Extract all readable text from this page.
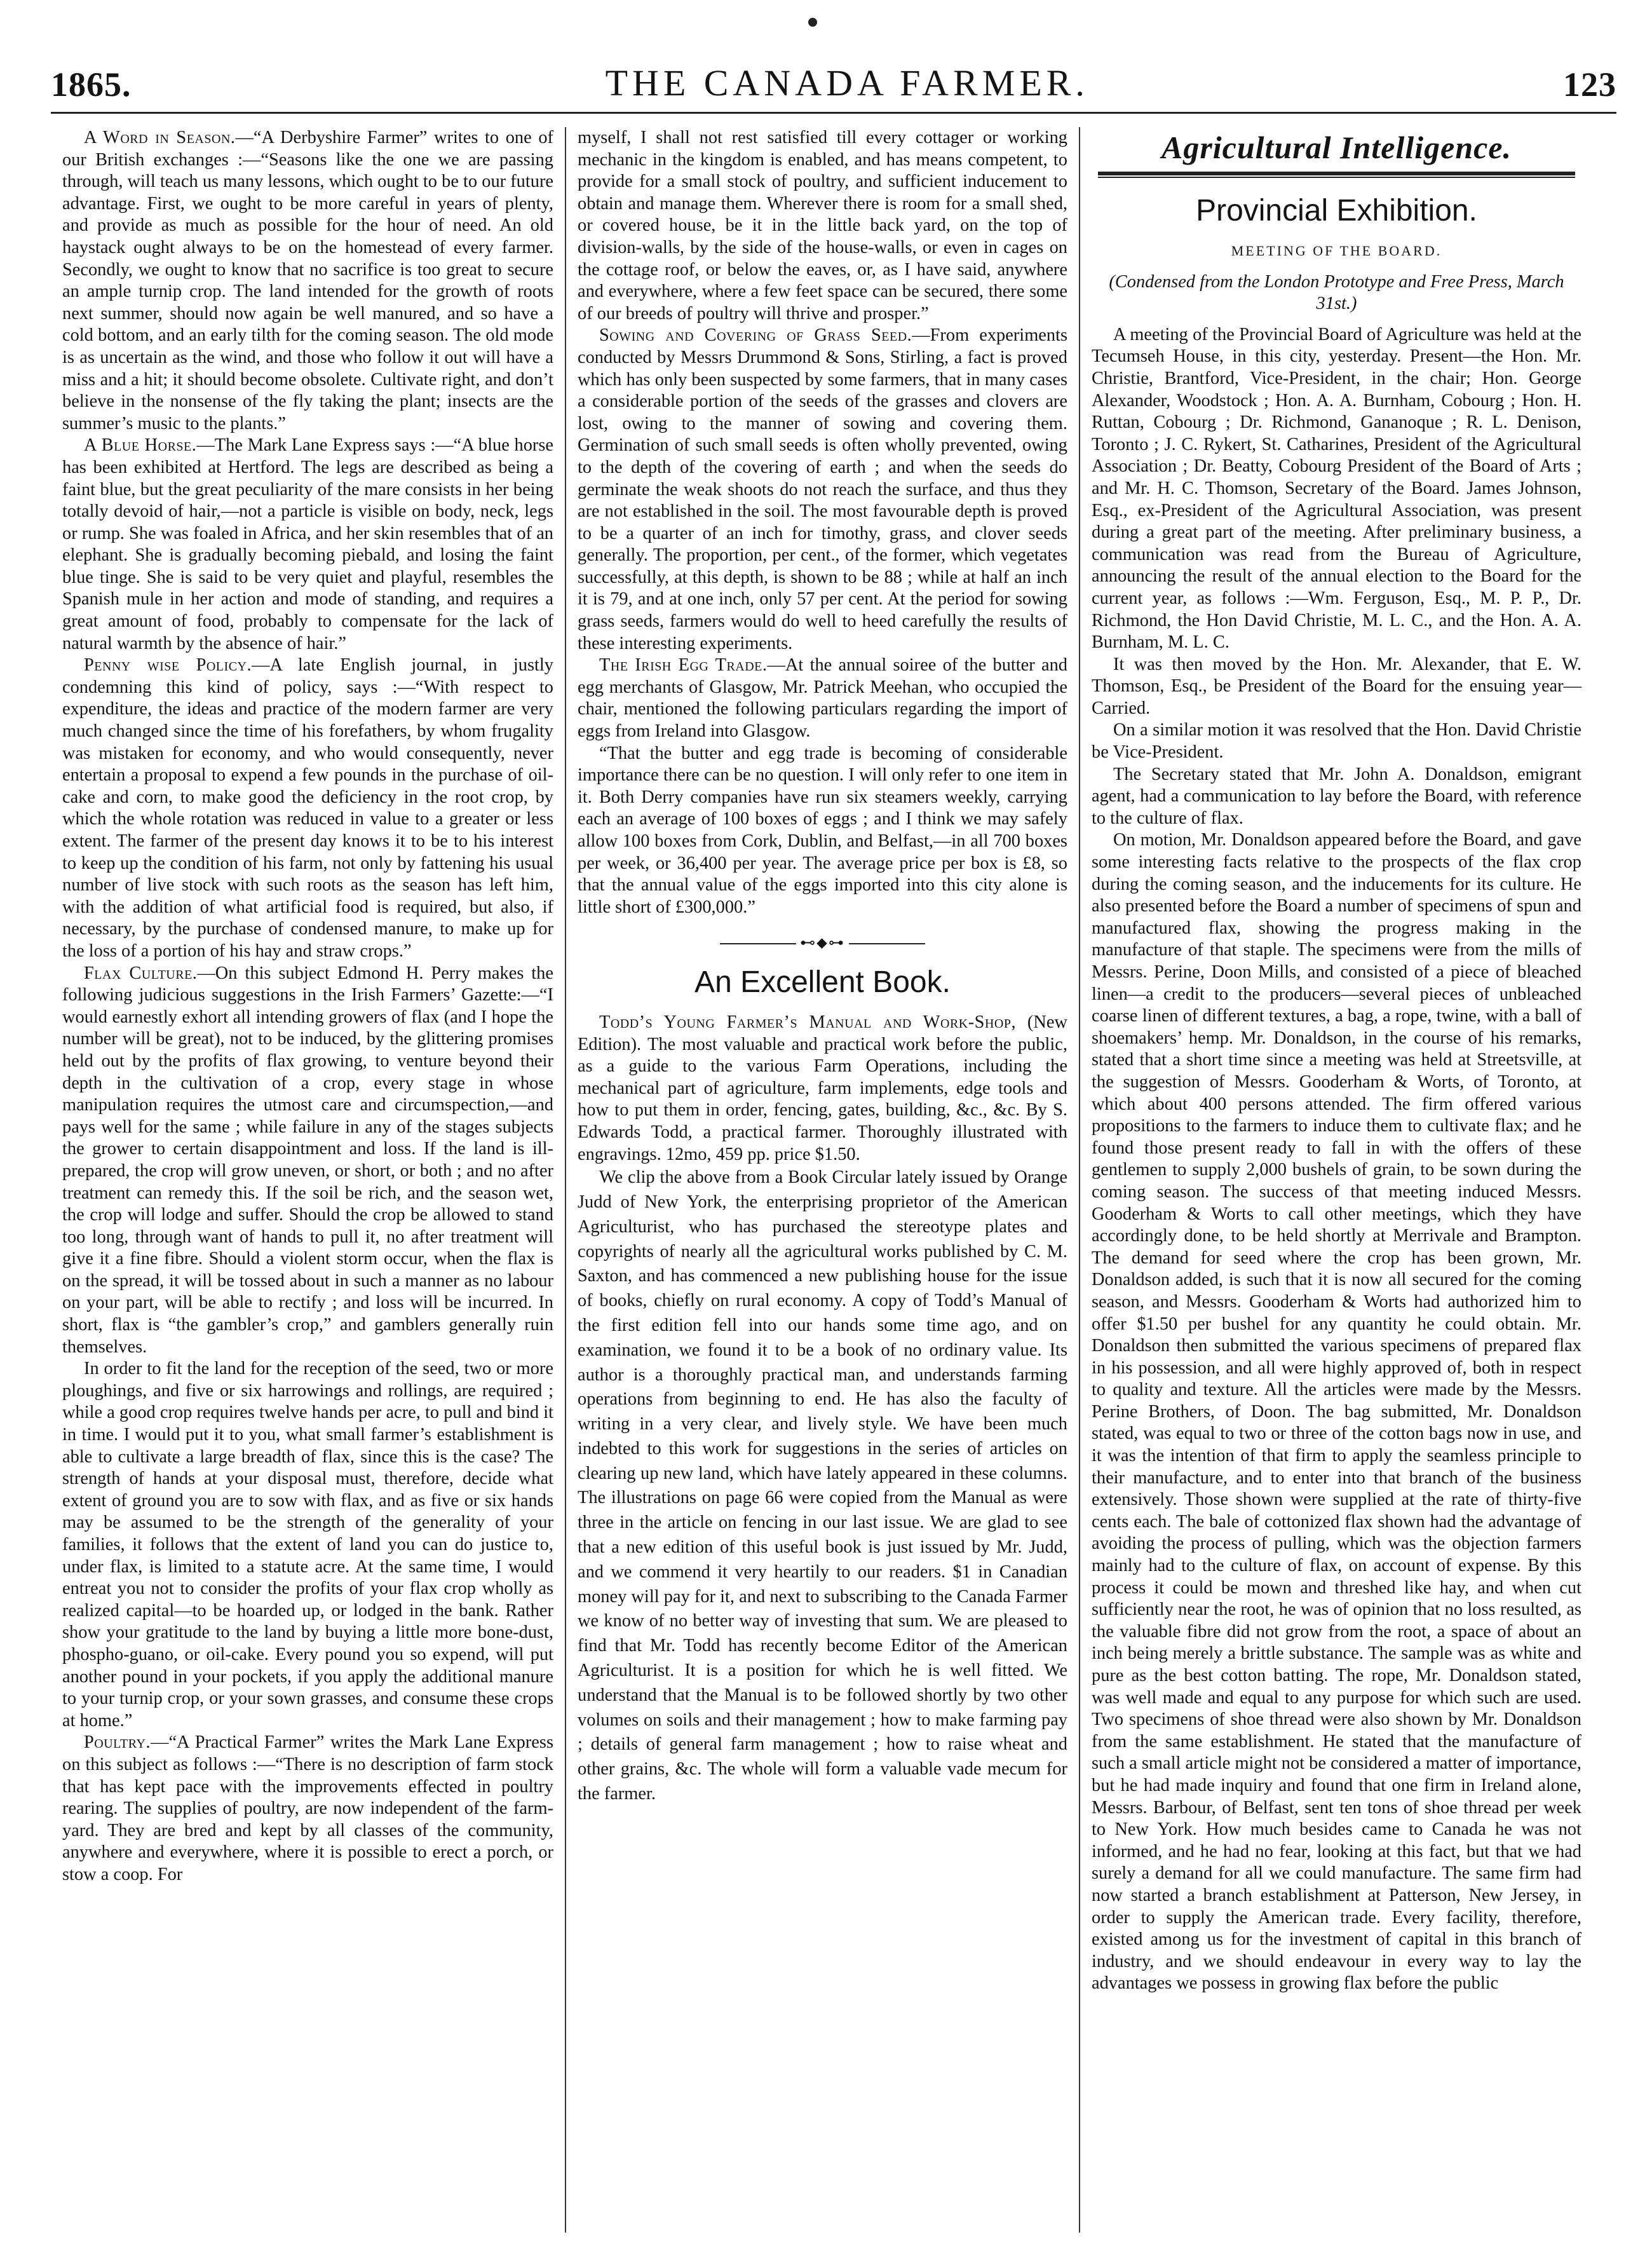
1865.	THE CANADA FARMER.	123

A Word in Season.—“A Derbyshire Farmer” writes to one of our British exchanges :—“Seasons like the one we are passing through, will teach us many lessons, which ought to be to our future advantage. First, we ought to be more careful in years of plenty, and provide as much as possible for the hour of need. An old haystack ought always to be on the homestead of every farmer. Secondly, we ought to know that no sacrifice is too great to secure an ample turnip crop. The land intended for the growth of roots next summer, should now again be well manured, and so have a cold bottom, and an early tilth for the coming season. The old mode is as uncertain as the wind, and those who follow it out will have a miss and a hit; it should become obsolete. Cultivate right, and don’t believe in the nonsense of the fly taking the plant; insects are the summer’s music to the plants.”

A Blue Horse.—The Mark Lane Express says :—“A blue horse has been exhibited at Hertford. The legs are described as being a faint blue, but the great peculiarity of the mare consists in her being totally devoid of hair,—not a particle is visible on body, neck, legs or rump. She was foaled in Africa, and her skin resembles that of an elephant. She is gradually becoming piebald, and losing the faint blue tinge. She is said to be very quiet and playful, resembles the Spanish mule in her action and mode of standing, and requires a great amount of food, probably to compensate for the lack of natural warmth by the absence of hair.”

Penny wise Policy.—A late English journal, in justly condemning this kind of policy, says :—“With respect to expenditure, the ideas and practice of the modern farmer are very much changed since the time of his forefathers, by whom frugality was mistaken for economy, and who would consequently, never entertain a proposal to expend a few pounds in the purchase of oil-cake and corn, to make good the deficiency in the root crop, by which the whole rotation was reduced in value to a greater or less extent. The farmer of the present day knows it to be to his interest to keep up the condition of his farm, not only by fattening his usual number of live stock with such roots as the season has left him, with the addition of what artificial food is required, but also, if necessary, by the purchase of condensed manure, to make up for the loss of a portion of his hay and straw crops.”

Flax Culture.—On this subject Edmond H. Perry makes the following judicious suggestions in the Irish Farmers’ Gazette:—“I would earnestly exhort all intending growers of flax (and I hope the number will be great), not to be induced, by the glittering promises held out by the profits of flax growing, to venture beyond their depth in the cultivation of a crop, every stage in whose manipulation requires the utmost care and circumspection,—and pays well for the same ; while failure in any of the stages subjects the grower to certain disappointment and loss. If the land is ill-prepared, the crop will grow uneven, or short, or both ; and no after treatment can remedy this. If the soil be rich, and the season wet, the crop will lodge and suffer. Should the crop be allowed to stand too long, through want of hands to pull it, no after treatment will give it a fine fibre. Should a violent storm occur, when the flax is on the spread, it will be tossed about in such a manner as no labour on your part, will be able to rectify ; and loss will be incurred. In short, flax is “the gambler’s crop,” and gamblers generally ruin themselves.

In order to fit the land for the reception of the seed, two or more ploughings, and five or six harrowings and rollings, are required ; while a good crop requires twelve hands per acre, to pull and bind it in time. I would put it to you, what small farmer’s establishment is able to cultivate a large breadth of flax, since this is the case? The strength of hands at your disposal must, therefore, decide what extent of ground you are to sow with flax, and as five or six hands may be assumed to be the strength of the generality of your families, it follows that the extent of land you can do justice to, under flax, is limited to a statute acre. At the same time, I would entreat you not to consider the profits of your flax crop wholly as realized capital—to be hoarded up, or lodged in the bank. Rather show your gratitude to the land by buying a little more bone-dust, phospho-guano, or oil-cake. Every pound you so expend, will put another pound in your pockets, if you apply the additional manure to your turnip crop, or your sown grasses, and consume these crops at home.”

Poultry.—“A Practical Farmer” writes the Mark Lane Express on this subject as follows :—“There is no description of farm stock that has kept pace with the improvements effected in poultry rearing. The supplies of poultry, are now independent of the farm-yard. They are bred and kept by all classes of the community, anywhere and everywhere, where it is possible to erect a porch, or stow a coop. For

myself, I shall not rest satisfied till every cottager or working mechanic in the kingdom is enabled, and has means competent, to provide for a small stock of poultry, and sufficient inducement to obtain and manage them. Wherever there is room for a small shed, or covered house, be it in the little back yard, on the top of division-walls, by the side of the house-walls, or even in cages on the cottage roof, or below the eaves, or, as I have said, anywhere and everywhere, where a few feet space can be secured, there some of our breeds of poultry will thrive and prosper.”

Sowing and Covering of Grass Seed.—From experiments conducted by Messrs Drummond & Sons, Stirling, a fact is proved which has only been suspected by some farmers, that in many cases a considerable portion of the seeds of the grasses and clovers are lost, owing to the manner of sowing and covering them. Germination of such small seeds is often wholly prevented, owing to the depth of the covering of earth ; and when the seeds do germinate the weak shoots do not reach the surface, and thus they are not established in the soil. The most favourable depth is proved to be a quarter of an inch for timothy, grass, and clover seeds generally. The proportion, per cent., of the former, which vegetates successfully, at this depth, is shown to be 88 ; while at half an inch it is 79, and at one inch, only 57 per cent. At the period for sowing grass seeds, farmers would do well to heed carefully the results of these interesting experiments.

The Irish Egg Trade.—At the annual soiree of the butter and egg merchants of Glasgow, Mr. Patrick Meehan, who occupied the chair, mentioned the following particulars regarding the import of eggs from Ireland into Glasgow.

“That the butter and egg trade is becoming of considerable importance there can be no question. I will only refer to one item in it. Both Derry companies have run six steamers weekly, carrying each an average of 100 boxes of eggs ; and I think we may safely allow 100 boxes from Cork, Dublin, and Belfast,—in all 700 boxes per week, or 36,400 per year. The average price per box is £8, so that the annual value of the eggs imported into this city alone is little short of £300,000.”

⊷⬥⊶
An Excellent Book.

Todd’s Young Farmer’s Manual and Work-Shop, (New Edition). The most valuable and practical work before the public, as a guide to the various Farm Operations, including the mechanical part of agriculture, farm implements, edge tools and how to put them in order, fencing, gates, building, &c., &c. By S. Edwards Todd, a practical farmer. Thoroughly illustrated with engravings. 12mo, 459 pp. price $1.50.

We clip the above from a Book Circular lately issued by Orange Judd of New York, the enterprising proprietor of the American Agriculturist, who has purchased the stereotype plates and copyrights of nearly all the agricultural works published by C. M. Saxton, and has commenced a new publishing house for the issue of books, chiefly on rural economy. A copy of Todd’s Manual of the first edition fell into our hands some time ago, and on examination, we found it to be a book of no ordinary value. Its author is a thoroughly practical man, and understands farming operations from beginning to end. He has also the faculty of writing in a very clear, and lively style. We have been much indebted to this work for suggestions in the series of articles on clearing up new land, which have lately appeared in these columns. The illustrations on page 66 were copied from the Manual as were three in the article on fencing in our last issue. We are glad to see that a new edition of this useful book is just issued by Mr. Judd, and we commend it very heartily to our readers. $1 in Canadian money will pay for it, and next to subscribing to the Canada Farmer we know of no better way of investing that sum. We are pleased to find that Mr. Todd has recently become Editor of the American Agriculturist. It is a position for which he is well fitted. We understand that the Manual is to be followed shortly by two other volumes on soils and their management ; how to make farming pay ; details of general farm management ; how to raise wheat and other grains, &c. The whole will form a valuable vade mecum for the farmer.

Agricultural Intelligence.
Provincial Exhibition.
MEETING OF THE BOARD.
(Condensed from the London Prototype and Free Press, March 31st.)

A meeting of the Provincial Board of Agriculture was held at the Tecumseh House, in this city, yesterday. Present—the Hon. Mr. Christie, Brantford, Vice-President, in the chair; Hon. George Alexander, Woodstock ; Hon. A. A. Burnham, Cobourg ; Hon. H. Ruttan, Cobourg ; Dr. Richmond, Gananoque ; R. L. Denison, Toronto ; J. C. Rykert, St. Catharines, President of the Agricultural Association ; Dr. Beatty, Cobourg President of the Board of Arts ; and Mr. H. C. Thomson, Secretary of the Board. James Johnson, Esq., ex-President of the Agricultural Association, was present during a great part of the meeting. After preliminary business, a communication was read from the Bureau of Agriculture, announcing the result of the annual election to the Board for the current year, as follows :—Wm. Ferguson, Esq., M. P. P., Dr. Richmond, the Hon David Christie, M. L. C., and the Hon. A. A. Burnham, M. L. C.

It was then moved by the Hon. Mr. Alexander, that E. W. Thomson, Esq., be President of the Board for the ensuing year—Carried.

On a similar motion it was resolved that the Hon. David Christie be Vice-President.

The Secretary stated that Mr. John A. Donaldson, emigrant agent, had a communication to lay before the Board, with reference to the culture of flax.

On motion, Mr. Donaldson appeared before the Board, and gave some interesting facts relative to the prospects of the flax crop during the coming season, and the inducements for its culture. He also presented before the Board a number of specimens of spun and manufactured flax, showing the progress making in the manufacture of that staple. The specimens were from the mills of Messrs. Perine, Doon Mills, and consisted of a piece of bleached linen—a credit to the producers—several pieces of unbleached coarse linen of different textures, a bag, a rope, twine, with a ball of shoemakers’ hemp. Mr. Donaldson, in the course of his remarks, stated that a short time since a meeting was held at Streetsville, at the suggestion of Messrs. Gooderham & Worts, of Toronto, at which about 400 persons attended. The firm offered various propositions to the farmers to induce them to cultivate flax; and he found those present ready to fall in with the offers of these gentlemen to supply 2,000 bushels of grain, to be sown during the coming season. The success of that meeting induced Messrs. Gooderham & Worts to call other meetings, which they have accordingly done, to be held shortly at Merrivale and Brampton. The demand for seed where the crop has been grown, Mr. Donaldson added, is such that it is now all secured for the coming season, and Messrs. Gooderham & Worts had authorized him to offer $1.50 per bushel for any quantity he could obtain. Mr. Donaldson then submitted the various specimens of prepared flax in his possession, and all were highly approved of, both in respect to quality and texture. All the articles were made by the Messrs. Perine Brothers, of Doon. The bag submitted, Mr. Donaldson stated, was equal to two or three of the cotton bags now in use, and it was the intention of that firm to apply the seamless principle to their manufacture, and to enter into that branch of the business extensively. Those shown were supplied at the rate of thirty-five cents each. The bale of cottonized flax shown had the advantage of avoiding the process of pulling, which was the objection farmers mainly had to the culture of flax, on account of expense. By this process it could be mown and threshed like hay, and when cut sufficiently near the root, he was of opinion that no loss resulted, as the valuable fibre did not grow from the root, a space of about an inch being merely a brittle substance. The sample was as white and pure as the best cotton batting. The rope, Mr. Donaldson stated, was well made and equal to any purpose for which such are used. Two specimens of shoe thread were also shown by Mr. Donaldson from the same establishment. He stated that the manufacture of such a small article might not be considered a matter of importance, but he had made inquiry and found that one firm in Ireland alone, Messrs. Barbour, of Belfast, sent ten tons of shoe thread per week to New York. How much besides came to Canada he was not informed, and he had no fear, looking at this fact, but that we had surely a demand for all we could manufacture. The same firm had now started a branch establishment at Patterson, New Jersey, in order to supply the American trade. Every facility, therefore, existed among us for the investment of capital in this branch of industry, and we should endeavour in every way to lay the advantages we possess in growing flax before the public
